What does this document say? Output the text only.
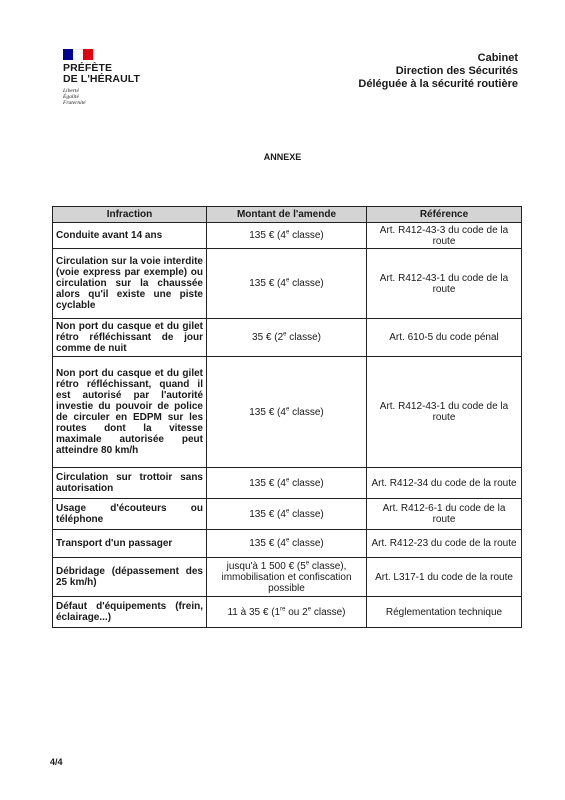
PRÉFÈTE
DE L'HÉRAULT
Liberté
Égalité
Fraternité
Cabinet
Direction des Sécurités
Déléguée à la sécurité routière
ANNEXE
Infraction	Montant de l'amende	Référence
Conduite avant 14 ans	135 € (4e classe)	Art. R412-43-3 du code de la route
Circulation sur la voie interdite (voie express par exemple) ou circulation sur la chaussée alors qu'il existe une piste cyclable	135 € (4e classe)	Art. R412-43-1 du code de la route
Non port du casque et du gilet rétro réfléchissant de jour comme de nuit	35 € (2e classe)	Art. 610-5 du code pénal
Non port du casque et du gilet rétro réfléchissant, quand il est autorisé par l'autorité investie du pouvoir de police de circuler en EDPM sur les routes dont la vitesse maximale autorisée peut atteindre 80 km/h	135 € (4e classe)	Art. R412-43-1 du code de la route
Circulation sur trottoir sans autorisation	135 € (4e classe)	Art. R412-34 du code de la route
Usage d'écouteurs ou téléphone	135 € (4e classe)	Art. R412-6-1 du code de la route
Transport d'un passager	135 € (4e classe)	Art. R412-23 du code de la route
Débridage (dépassement des 25 km/h)	jusqu'à 1 500 € (5e classe), immobilisation et confiscation possible	Art. L317-1 du code de la route
Défaut d'équipements (frein, éclairage...)	11 à 35 € (1re ou 2e classe)	Réglementation technique
4/4
